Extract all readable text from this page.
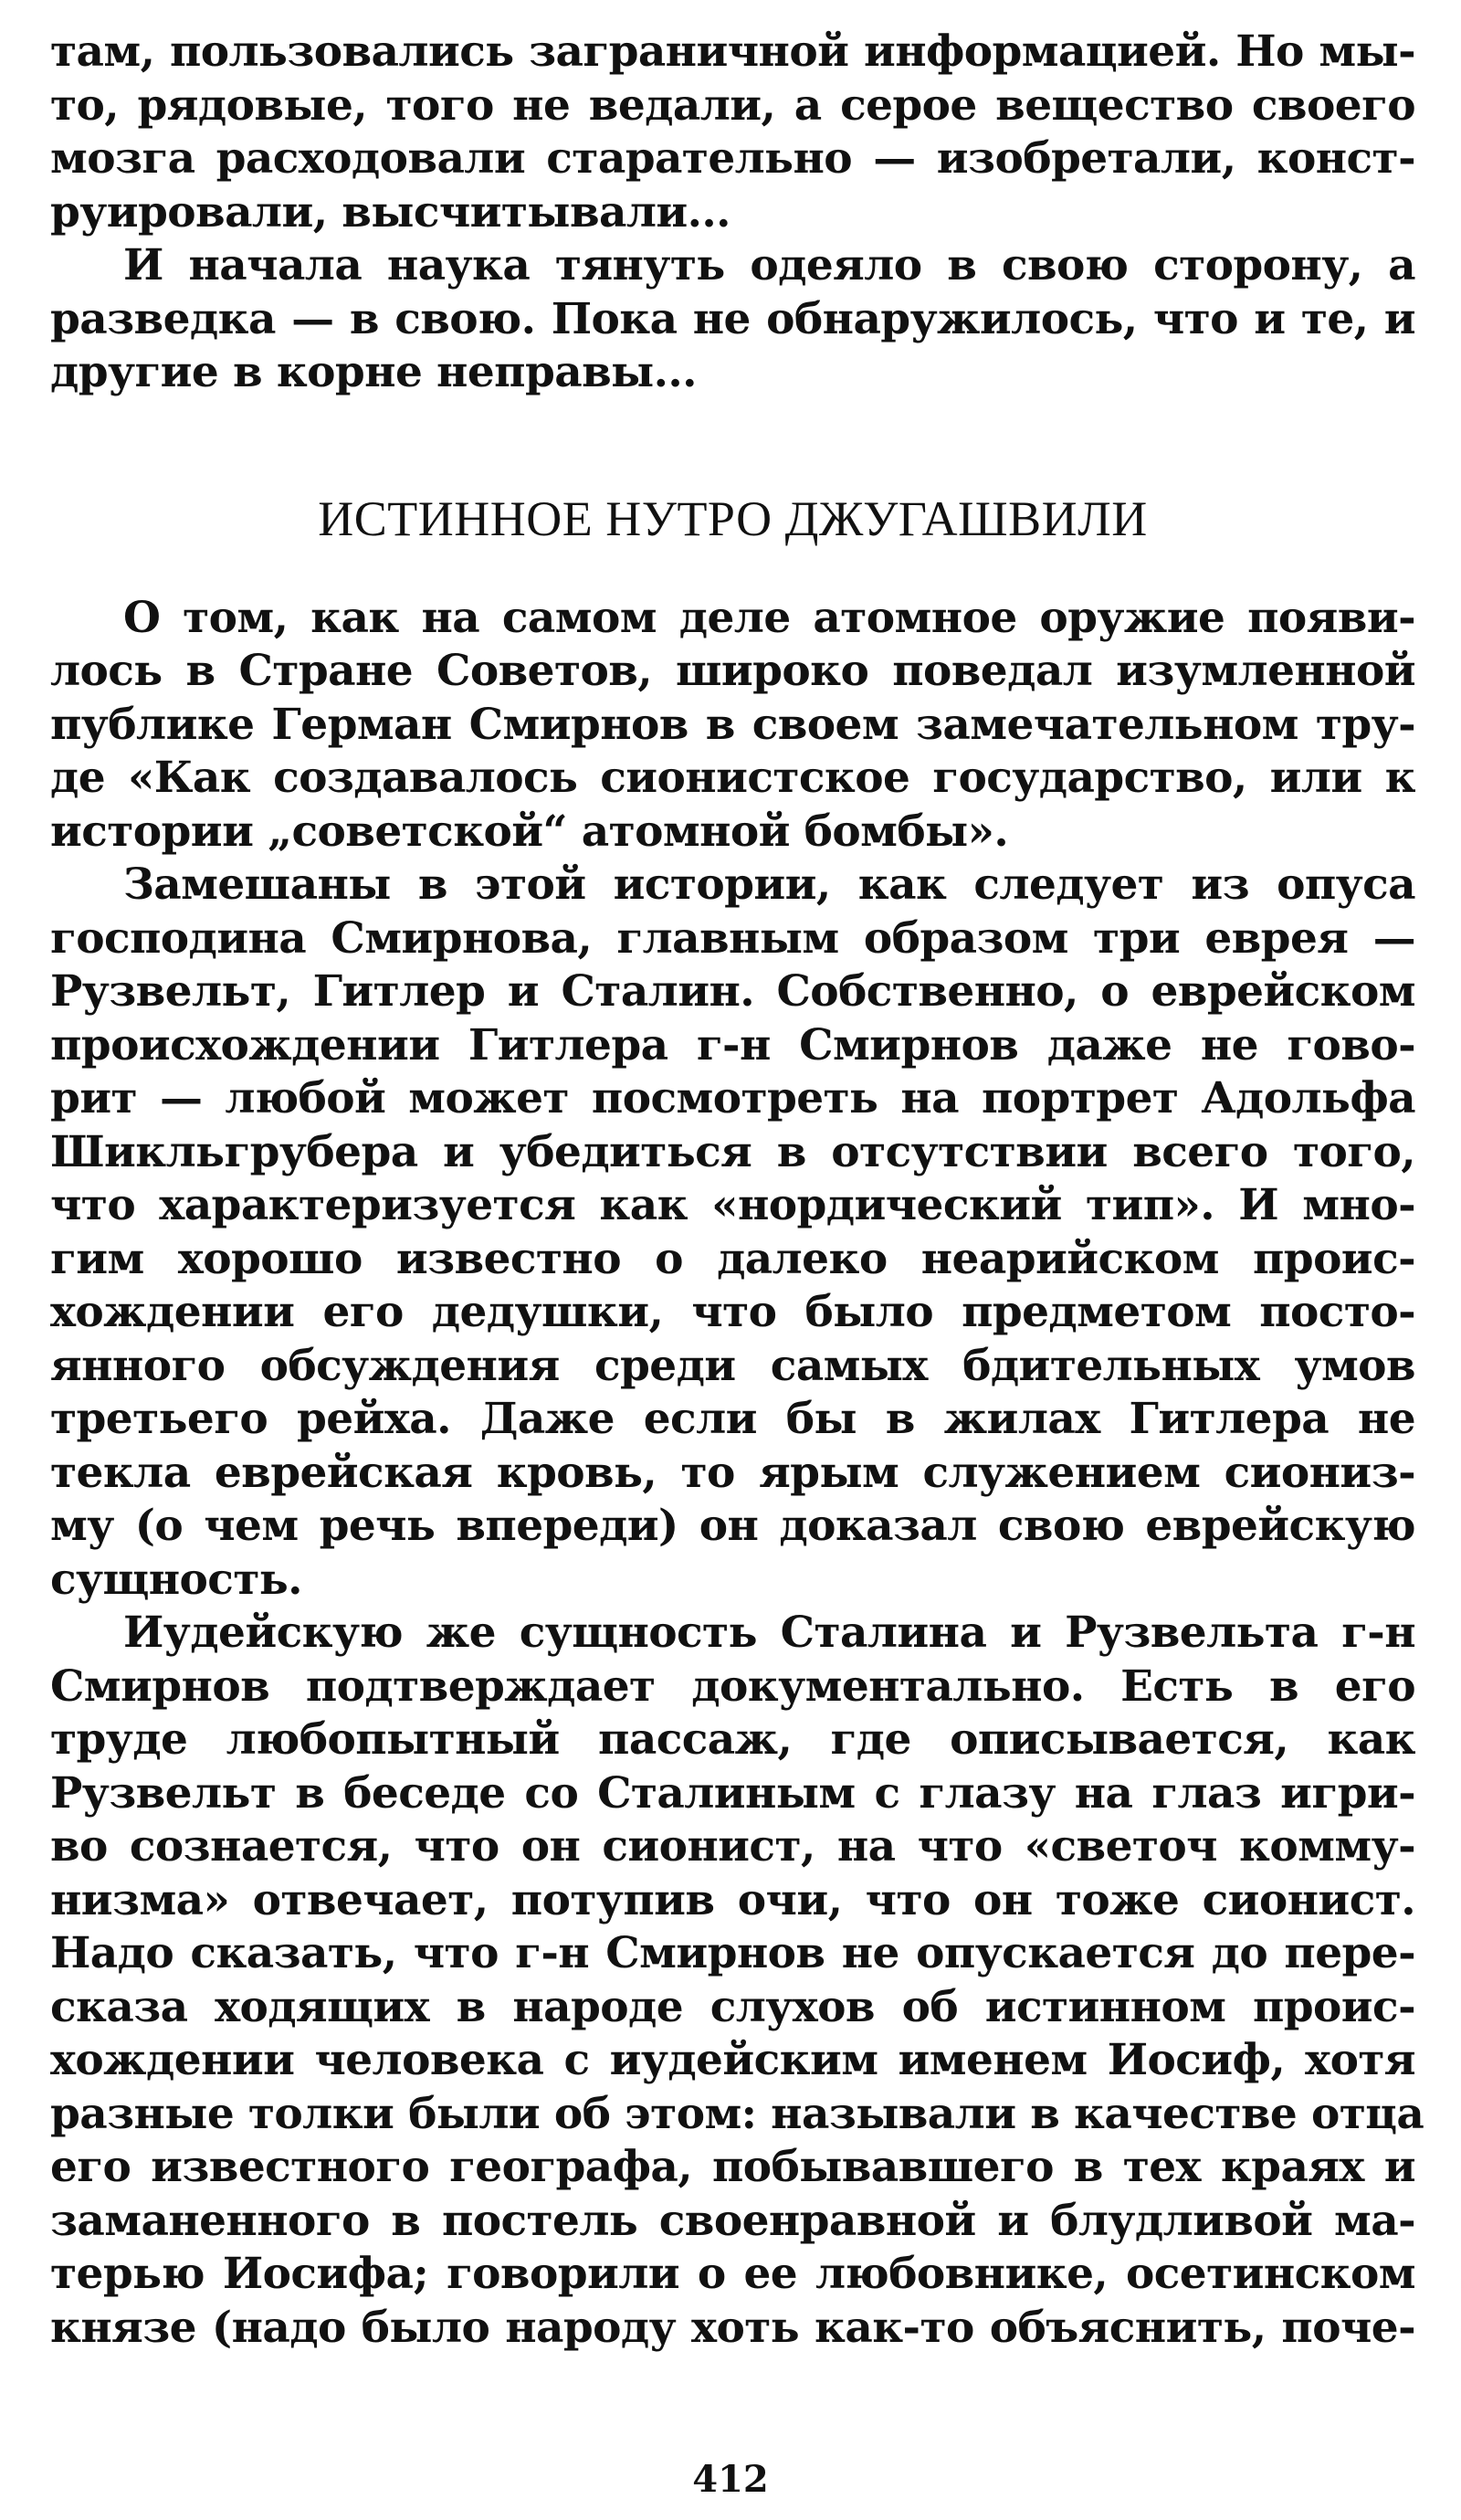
там, пользовались заграничной информацией. Но мы-
то, рядовые, того не ведали, а серое вещество своего
мозга расходовали старательно — изобретали, конст-
руировали, высчитывали...
И начала наука тянуть одеяло в свою сторону, а
разведка — в свою. Пока не обнаружилось, что и те, и
другие в корне неправы...
ИСТИННОЕ НУТРО ДЖУГАШВИЛИ
О том, как на самом деле атомное оружие появи-
лось в Стране Советов, широко поведал изумленной
публике Герман Смирнов в своем замечательном тру-
де «Как создавалось сионистское государство, или к
истории „советской“ атомной бомбы».
Замешаны в этой истории, как следует из опуса
господина Смирнова, главным образом три еврея —
Рузвельт, Гитлер и Сталин. Собственно, о еврейском
происхождении Гитлера г-н Смирнов даже не гово-
рит — любой может посмотреть на портрет Адольфа
Шикльгрубера и убедиться в отсутствии всего того,
что характеризуется как «нордический тип». И мно-
гим хорошо известно о далеко неарийском проис-
хождении его дедушки, что было предметом посто-
янного обсуждения среди самых бдительных умов
третьего рейха. Даже если бы в жилах Гитлера не
текла еврейская кровь, то ярым служением сиониз-
му (о чем речь впереди) он доказал свою еврейскую
сущность.
Иудейскую же сущность Сталина и Рузвельта г-н
Смирнов подтверждает документально. Есть в его
труде любопытный пассаж, где описывается, как
Рузвельт в беседе со Сталиным с глазу на глаз игри-
во сознается, что он сионист, на что «светоч комму-
низма» отвечает, потупив очи, что он тоже сионист.
Надо сказать, что г-н Смирнов не опускается до пере-
сказа ходящих в народе слухов об истинном проис-
хождении человека с иудейским именем Иосиф, хотя
разные толки были об этом: называли в качестве отца
его известного географа, побывавшего в тех краях и
заманенного в постель своенравной и блудливой ма-
терью Иосифа; говорили о ее любовнике, осетинском
князе (надо было народу хоть как-то объяснить, поче-
412
